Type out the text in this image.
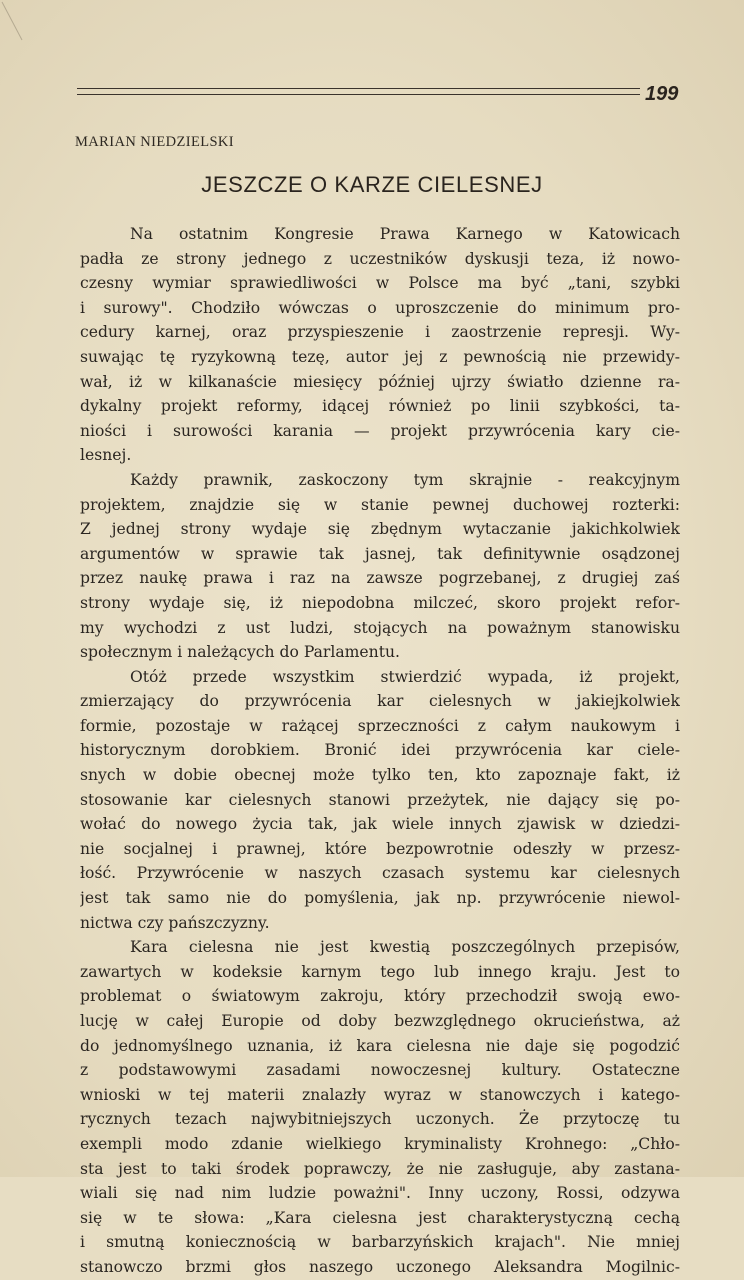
199
MARIAN NIEDZIELSKI
JESZCZE O KARZE CIELESNEJ
Na ostatnim Kongresie Prawa Karnego w Katowicach
padła ze strony jednego z uczestników dyskusji teza, iż nowo-
czesny wymiar sprawiedliwości w Polsce ma być „tani, szybki
i surowy". Chodziło wówczas o uproszczenie do minimum pro-
cedury karnej, oraz przyspieszenie i zaostrzenie represji. Wy-
suwając tę ryzykowną tezę, autor jej z pewnością nie przewidy-
wał, iż w kilkanaście miesięcy później ujrzy światło dzienne ra-
dykalny projekt reformy, idącej również po linii szybkości, ta-
niości i surowości karania — projekt przywrócenia kary cie-
lesnej.
Każdy prawnik, zaskoczony tym skrajnie - reakcyjnym
projektem, znajdzie się w stanie pewnej duchowej rozterki:
Z jednej strony wydaje się zbędnym wytaczanie jakichkolwiek
argumentów w sprawie tak jasnej, tak definitywnie osądzonej
przez naukę prawa i raz na zawsze pogrzebanej, z drugiej zaś
strony wydaje się, iż niepodobna milczeć, skoro projekt refor-
my wychodzi z ust ludzi, stojących na poważnym stanowisku
społecznym i należących do Parlamentu.
Otóż przede wszystkim stwierdzić wypada, iż projekt,
zmierzający do przywrócenia kar cielesnych w jakiejkolwiek
formie, pozostaje w rażącej sprzeczności z całym naukowym i
historycznym dorobkiem. Bronić idei przywrócenia kar ciele-
snych w dobie obecnej może tylko ten, kto zapoznaje fakt, iż
stosowanie kar cielesnych stanowi przeżytek, nie dający się po-
wołać do nowego życia tak, jak wiele innych zjawisk w dziedzi-
nie socjalnej i prawnej, które bezpowrotnie odeszły w przesz-
łość. Przywrócenie w naszych czasach systemu kar cielesnych
jest tak samo nie do pomyślenia, jak np. przywrócenie niewol-
nictwa czy pańszczyzny.
Kara cielesna nie jest kwestią poszczególnych przepisów,
zawartych w kodeksie karnym tego lub innego kraju. Jest to
problemat o światowym zakroju, który przechodził swoją ewo-
lucję w całej Europie od doby bezwzględnego okrucieństwa, aż
do jednomyślnego uznania, iż kara cielesna nie daje się pogodzić
z podstawowymi zasadami nowoczesnej kultury. Ostateczne
wnioski w tej materii znalazły wyraz w stanowczych i katego-
rycznych tezach najwybitniejszych uczonych. Że przytoczę tu
exempli modo zdanie wielkiego kryminalisty Krohnego: „Chło-
sta jest to taki środek poprawczy, że nie zasługuje, aby zastana-
wiali się nad nim ludzie poważni". Inny uczony, Rossi, odzywa
się w te słowa: „Kara cielesna jest charakterystyczną cechą
i smutną koniecznością w barbarzyńskich krajach". Nie mniej
stanowczo brzmi głos naszego uczonego Aleksandra Mogilnic-
